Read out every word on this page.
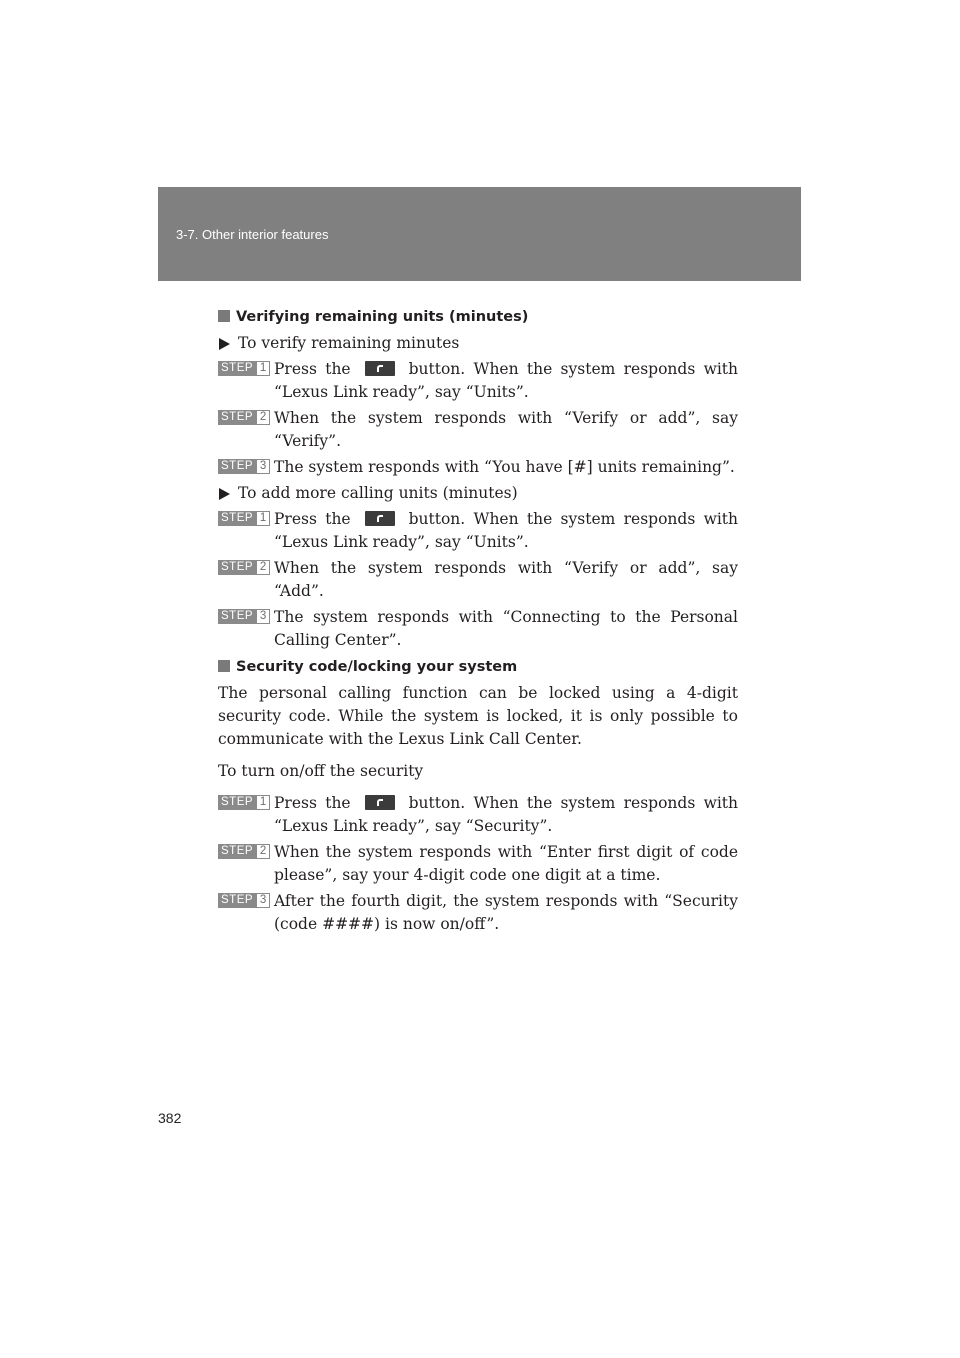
3-7. Other interior features
Verifying remaining units (minutes)
To verify remaining minutes
STEP 1 Press the	button. When the system responds with “Lexus Link ready”, say “Units”.
STEP 2 When the system responds with “Verify or add”, say “Verify”.
STEP 3 The system responds with “You have [#] units remaining”.
To add more calling units (minutes)
STEP 1 Press the	button. When the system responds with “Lexus Link ready”, say “Units”.
STEP 2 When the system responds with “Verify or add”, say “Add”.
STEP 3 The system responds with “Connecting to the Personal Calling Center”.
Security code/locking your system

The personal calling function can be locked using a 4-digit security code. While the system is locked, it is only possible to communicate with the Lexus Link Call Center.

To turn on/off the security

STEP 1 Press the	button. When the system responds with “Lexus Link ready”, say “Security”.
STEP 2 When the system responds with “Enter first digit of code please”, say your 4-digit code one digit at a time.
STEP 3 After the fourth digit, the system responds with “Security (code ####) is now on/off”.
382
